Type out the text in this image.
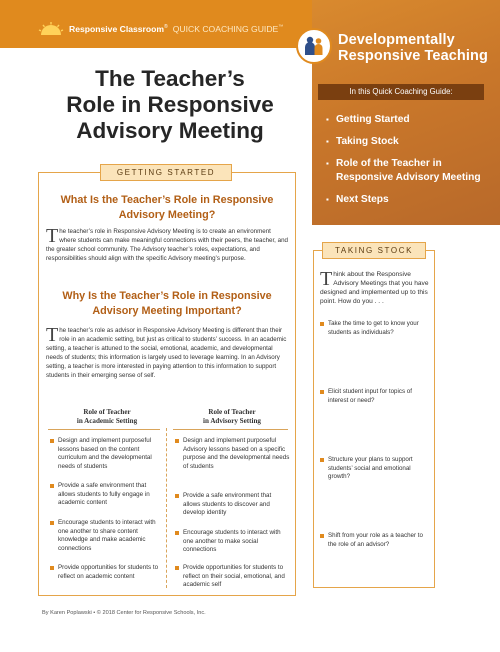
Responsive Classroom® QUICK COACHING GUIDE™
Developmentally
Responsive Teaching
In this Quick Coaching Guide:
▪ Getting Started
▪ Taking Stock
▪ Role of the Teacher in Responsive Advisory Meeting
▪ Next Steps
The Teacher’s
Role in Responsive
Advisory Meeting
GETTING STARTED
What Is the Teacher’s Role in Responsive Advisory Meeting?
The teacher’s role in Responsive Advisory Meeting is to create an environment where students can make meaningful connections with their peers, the teacher, and the greater school community. The Advisory teacher’s roles, expectations, and responsibilities should align with the specific Advisory meeting’s purpose.
Why Is the Teacher’s Role in Responsive Advisory Meeting Important?
The teacher’s role as advisor in Responsive Advisory Meeting is different than their role in an academic setting, but just as critical to students’ success. In an academic setting, a teacher is attuned to the social, emotional, academic, and developmental needs of students; this information is largely used to leverage learning. In an Advisory setting, a teacher is more interested in paying attention to this information to support students in their emerging sense of self.
Role of Teacher
in Academic Setting
Role of Teacher
in Advisory Setting
Design and implement purposeful lessons based on the content curriculum and the developmental needs of students
Provide a safe environment that allows students to fully engage in academic content
Encourage students to interact with one another to share content knowledge and make academic connections
Provide opportunities for students to reflect on academic content
Design and implement purposeful Advisory lessons based on a specific purpose and the developmental needs of students
Provide a safe environment that allows students to discover and develop identity
Encourage students to interact with one another to make social connections
Provide opportunities for students to reflect on their social, emotional, and academic self
TAKING STOCK
Think about the Responsive Advisory Meetings that you have designed and implemented up to this point. How do you . . .
Take the time to get to know your students as individuals?
Elicit student input for topics of interest or need?
Structure your plans to support students’ social and emotional growth?
Shift from your role as a teacher to the role of an advisor?
By Karen Poplawski • © 2018 Center for Responsive Schools, Inc.
